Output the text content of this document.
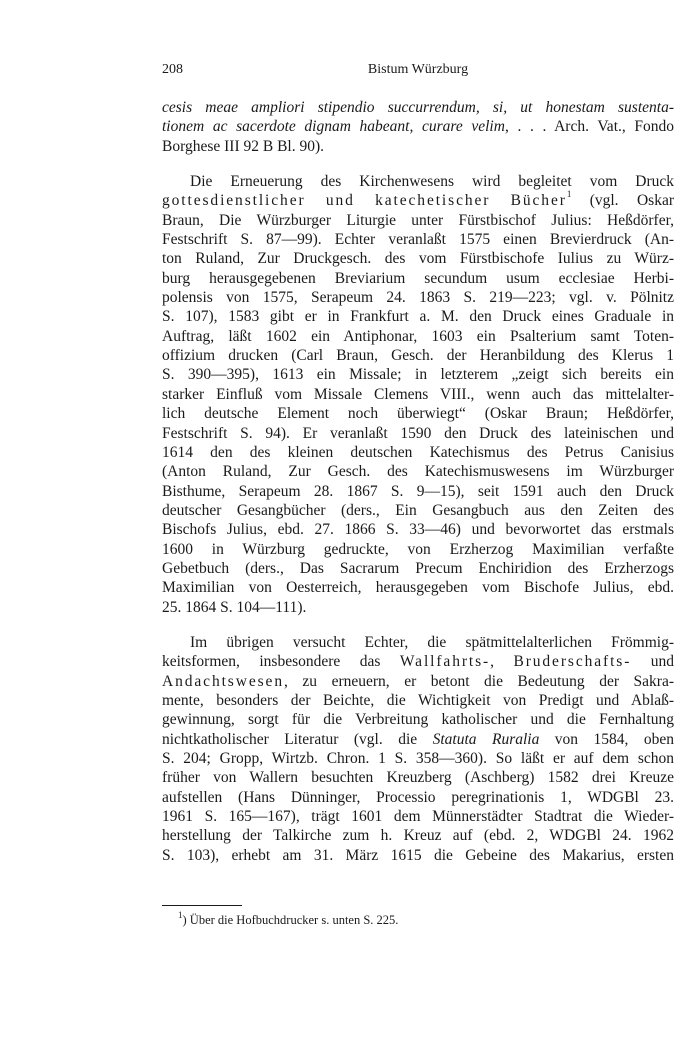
208	Bistum Würzburg
cesis meae ampliori stipendio succurrendum, si, ut honestam sustenta-
tionem ac sacerdote dignam habeant, curare velim, . . . Arch. Vat., Fondo
Borghese III 92 B Bl. 90).
Die Erneuerung des Kirchenwesens wird begleitet vom Druck
gottesdienstlicher und katechetischer Bücher$^1$ (vgl. Oskar
Braun, Die Würzburger Liturgie unter Fürstbischof Julius: Heßdörfer,
Festschrift S. 87—99). Echter veranlaßt 1575 einen Brevierdruck (An-
ton Ruland, Zur Druckgesch. des vom Fürstbischofe Iulius zu Würz-
burg herausgegebenen Breviarium secundum usum ecclesiae Herbi-
polensis von 1575, Serapeum 24. 1863 S. 219—223; vgl. v. Pölnitz
S. 107), 1583 gibt er in Frankfurt a. M. den Druck eines Graduale in
Auftrag, läßt 1602 ein Antiphonar, 1603 ein Psalterium samt Toten-
offizium drucken (Carl Braun, Gesch. der Heranbildung des Klerus 1
S. 390—395), 1613 ein Missale; in letzterem „zeigt sich bereits ein
starker Einfluß vom Missale Clemens VIII., wenn auch das mittelalter-
lich deutsche Element noch überwiegt“ (Oskar Braun; Heßdörfer,
Festschrift S. 94). Er veranlaßt 1590 den Druck des lateinischen und
1614 den des kleinen deutschen Katechismus des Petrus Canisius
(Anton Ruland, Zur Gesch. des Katechismuswesens im Würzburger
Bisthume, Serapeum 28. 1867 S. 9—15), seit 1591 auch den Druck
deutscher Gesangbücher (ders., Ein Gesangbuch aus den Zeiten des
Bischofs Julius, ebd. 27. 1866 S. 33—46) und bevorwortet das erstmals
1600 in Würzburg gedruckte, von Erzherzog Maximilian verfaßte
Gebetbuch (ders., Das Sacrarum Precum Enchiridion des Erzherzogs
Maximilian von Oesterreich, herausgegeben vom Bischofe Julius, ebd.
25. 1864 S. 104—111).
Im übrigen versucht Echter, die spätmittelalterlichen Frömmig-
keitsformen, insbesondere das Wallfahrts-, Bruderschafts- und
Andachtswesen, zu erneuern, er betont die Bedeutung der Sakra-
mente, besonders der Beichte, die Wichtigkeit von Predigt und Ablaß-
gewinnung, sorgt für die Verbreitung katholischer und die Fernhaltung
nichtkatholischer Literatur (vgl. die Statuta Ruralia von 1584, oben
S. 204; Gropp, Wirtzb. Chron. 1 S. 358—360). So läßt er auf dem schon
früher von Wallern besuchten Kreuzberg (Aschberg) 1582 drei Kreuze
aufstellen (Hans Dünninger, Processio peregrinationis 1, WDGBl 23.
1961 S. 165—167), trägt 1601 dem Münnerstädter Stadtrat die Wieder-
herstellung der Talkirche zum h. Kreuz auf (ebd. 2, WDGBl 24. 1962
S. 103), erhebt am 31. März 1615 die Gebeine des Makarius, ersten
$^1$) Über die Hofbuchdrucker s. unten S. 225.
